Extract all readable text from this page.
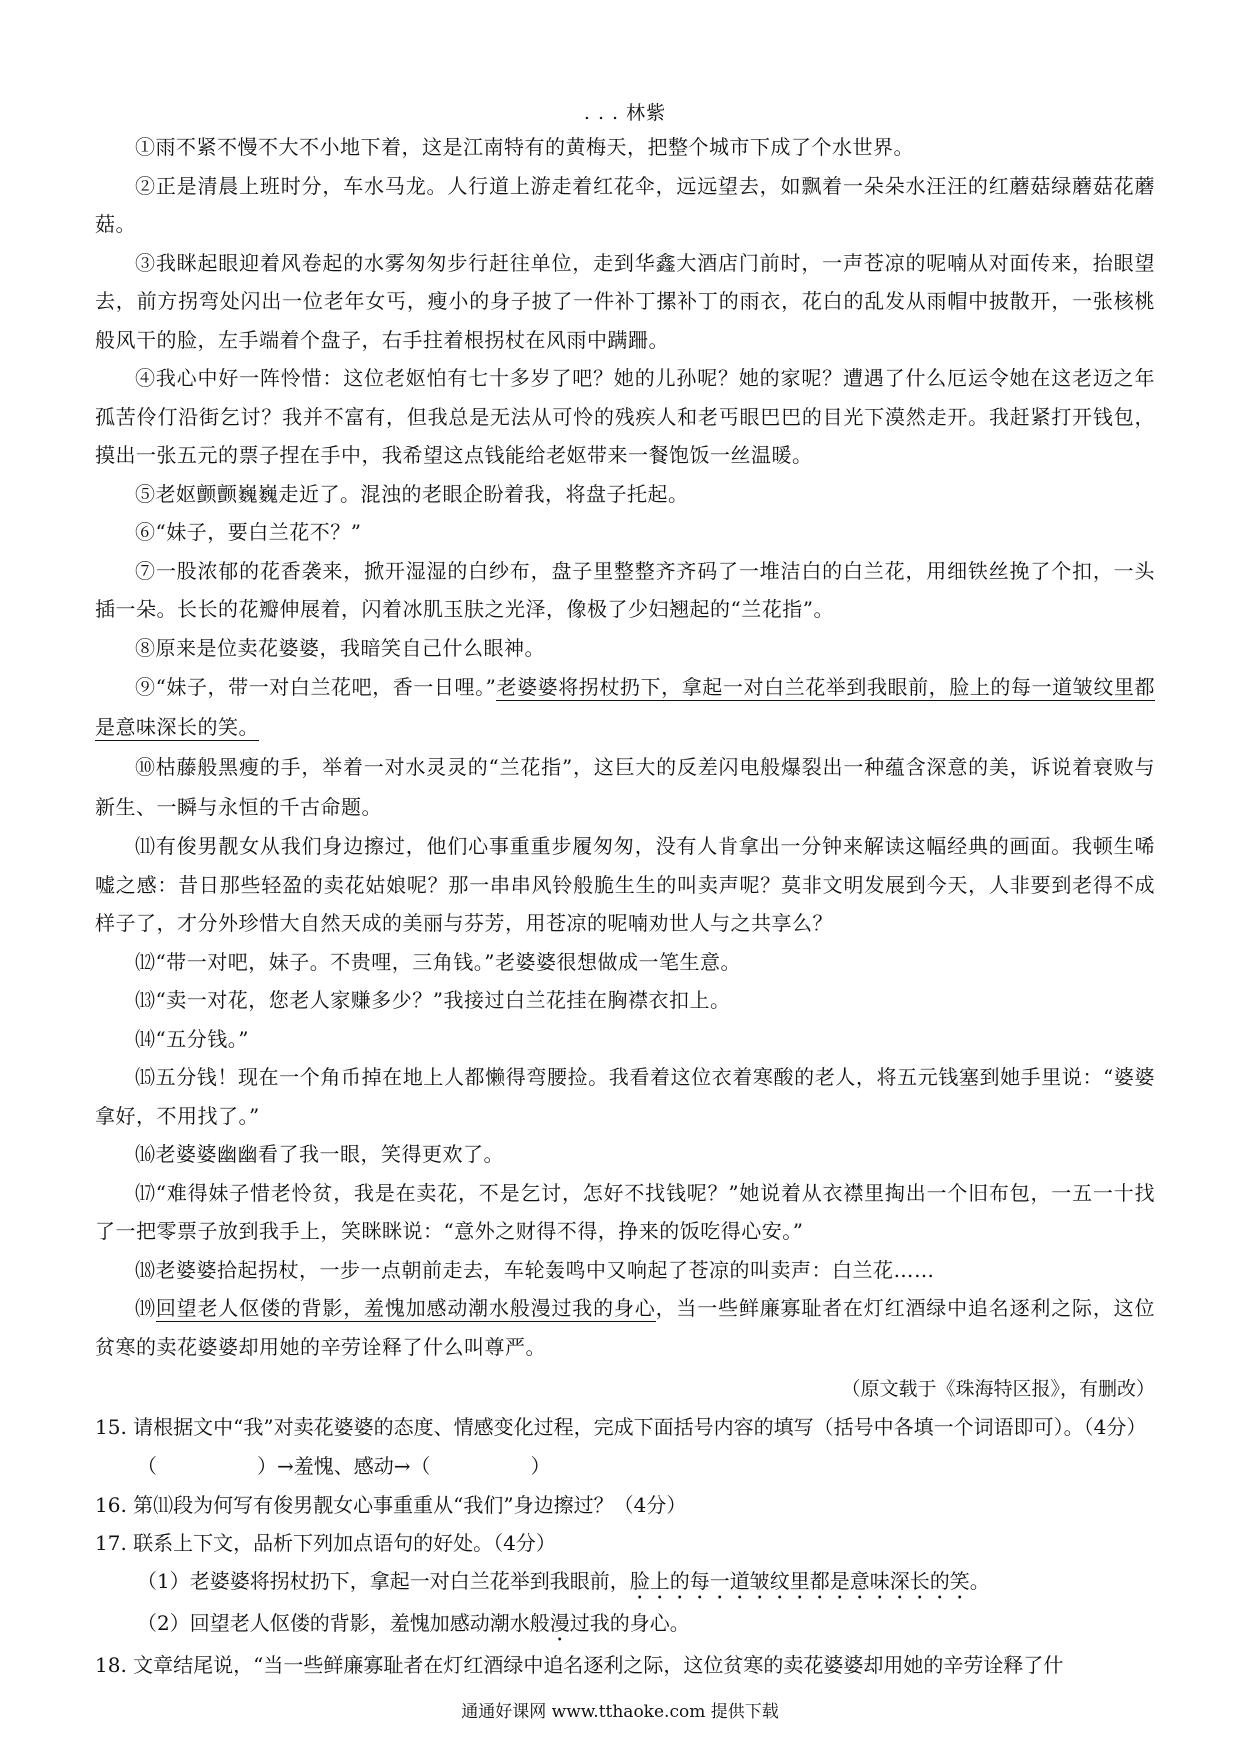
. . . 林紫

①雨不紧不慢不大不小地下着，这是江南特有的黄梅天，把整个城市下成了个水世界。

②正是清晨上班时分，车水马龙。人行道上游走着红花伞，远远望去，如飘着一朵朵水汪汪的红蘑菇绿蘑菇花蘑菇。

③我眯起眼迎着风卷起的水雾匆匆步行赶往单位，走到华鑫大酒店门前时，一声苍凉的呢喃从对面传来，抬眼望去，前方拐弯处闪出一位老年女丐，瘦小的身子披了一件补丁摞补丁的雨衣，花白的乱发从雨帽中披散开，一张核桃般风干的脸，左手端着个盘子，右手拄着根拐杖在风雨中蹒跚。

④我心中好一阵怜惜：这位老妪怕有七十多岁了吧？她的儿孙呢？她的家呢？遭遇了什么厄运令她在这老迈之年孤苦伶仃沿街乞讨？我并不富有，但我总是无法从可怜的残疾人和老丐眼巴巴的目光下漠然走开。我赶紧打开钱包，摸出一张五元的票子捏在手中，我希望这点钱能给老妪带来一餐饱饭一丝温暖。

⑤老妪颤颤巍巍走近了。混浊的老眼企盼着我，将盘子托起。

⑥“妹子，要白兰花不？”

⑦一股浓郁的花香袭来，掀开湿湿的白纱布，盘子里整整齐齐码了一堆洁白的白兰花，用细铁丝挽了个扣，一头插一朵。长长的花瓣伸展着，闪着冰肌玉肤之光泽，像极了少妇翘起的“兰花指”。

⑧原来是位卖花婆婆，我暗笑自己什么眼神。

⑨“妹子，带一对白兰花吧，香一日哩。”老婆婆将拐杖扔下，拿起一对白兰花举到我眼前，脸上的每一道皱纹里都是意味深长的笑。

⑩枯藤般黑瘦的手，举着一对水灵灵的“兰花指”，这巨大的反差闪电般爆裂出一种蕴含深意的美，诉说着衰败与新生、一瞬与永恒的千古命题。

⑾有俊男靓女从我们身边擦过，他们心事重重步履匆匆，没有人肯拿出一分钟来解读这幅经典的画面。我顿生唏嘘之感：昔日那些轻盈的卖花姑娘呢？那一串串风铃般脆生生的叫卖声呢？莫非文明发展到今天，人非要到老得不成样子了，才分外珍惜大自然天成的美丽与芬芳，用苍凉的呢喃劝世人与之共享么？

⑿“带一对吧，妹子。不贵哩，三角钱。”老婆婆很想做成一笔生意。

⒀“卖一对花，您老人家赚多少？”我接过白兰花挂在胸襟衣扣上。

⒁“五分钱。”

⒂五分钱！现在一个角币掉在地上人都懒得弯腰捡。我看着这位衣着寒酸的老人，将五元钱塞到她手里说：“婆婆拿好，不用找了。”

⒃老婆婆幽幽看了我一眼，笑得更欢了。

⒄“难得妹子惜老怜贫，我是在卖花，不是乞讨，怎好不找钱呢？”她说着从衣襟里掏出一个旧布包，一五一十找了一把零票子放到我手上，笑眯眯说：“意外之财得不得，挣来的饭吃得心安。”

⒅老婆婆拾起拐杖，一步一点朝前走去，车轮轰鸣中又响起了苍凉的叫卖声：白兰花……

⒆回望老人伛偻的背影，羞愧加感动潮水般漫过我的身心，当一些鲜廉寡耻者在灯红酒绿中追名逐利之际，这位贫寒的卖花婆婆却用她的辛劳诠释了什么叫尊严。

（原文载于《珠海特区报》，有删改）

15. 请根据文中“我”对卖花婆婆的态度、情感变化过程，完成下面括号内容的填写（括号中各填一个词语即可）。（4分）

（　　　　　）→羞愧、感动→（　　　　　）

16. 第⑾段为何写有俊男靓女心事重重从“我们”身边擦过？（4分）

17. 联系上下文，品析下列加点语句的好处。（4分）

（1）老婆婆将拐杖扔下，拿起一对白兰花举到我眼前，脸上的每一道皱纹里都是意味深长的笑。

（2）回望老人伛偻的背影，羞愧加感动潮水般漫过我的身心。

18. 文章结尾说，“当一些鲜廉寡耻者在灯红酒绿中追名逐利之际，这位贫寒的卖花婆婆却用她的辛劳诠释了什

通通好课网 www.tthaoke.com 提供下载
